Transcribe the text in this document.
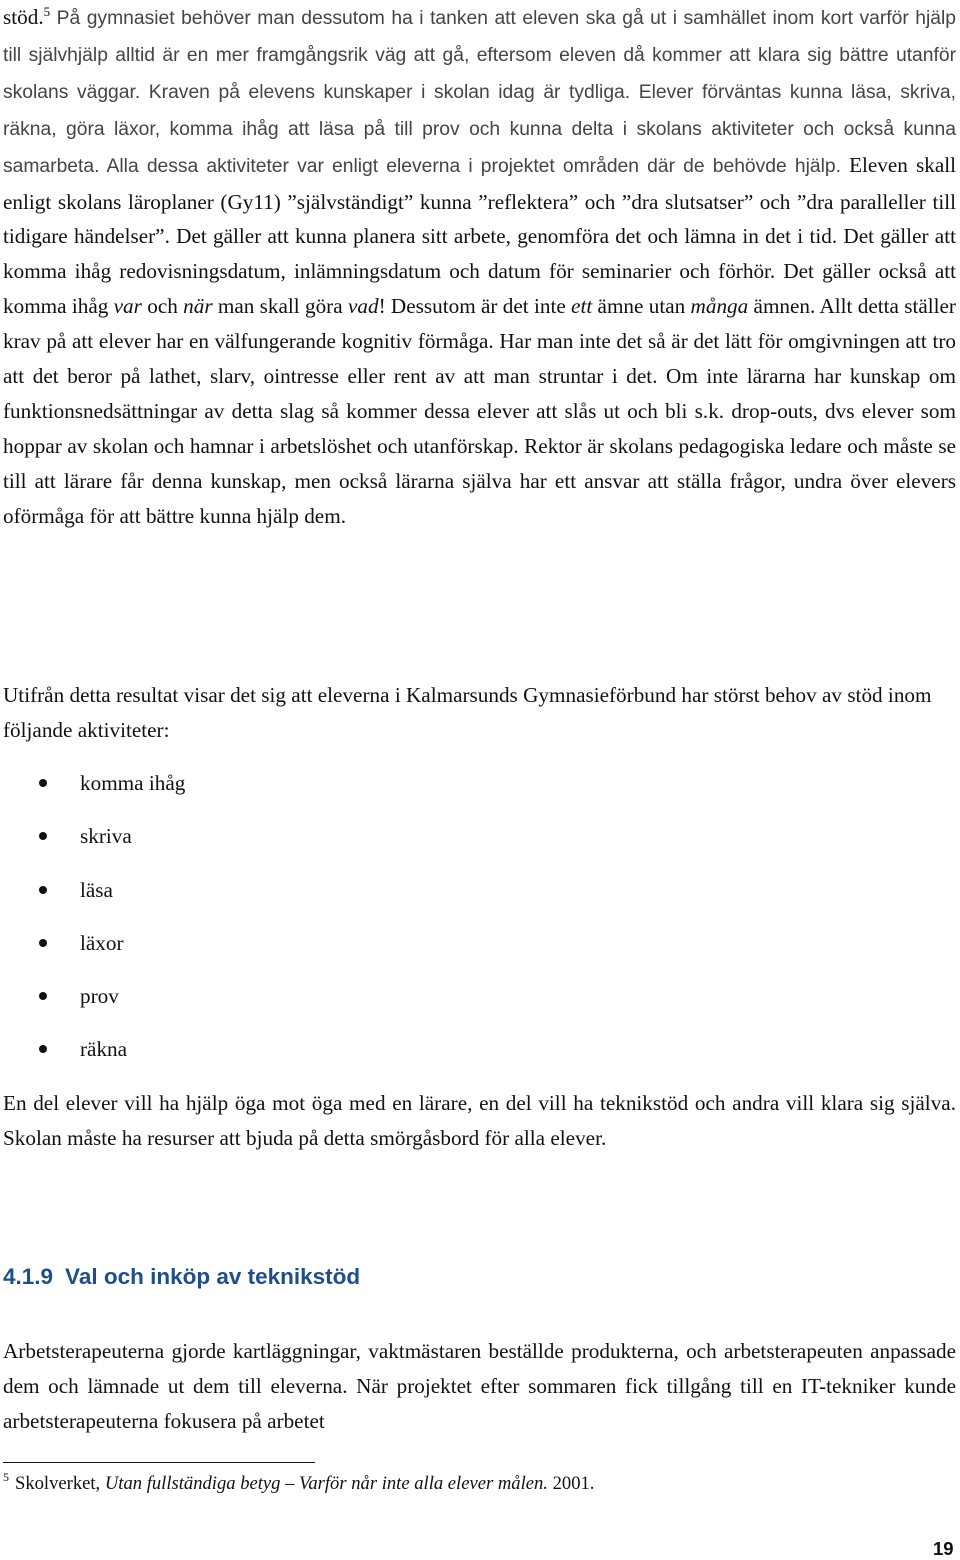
stöd.$^5$ På gymnasiet behöver man dessutom ha i tanken att eleven ska gå ut i samhället inom kort varför hjälp till självhjälp alltid är en mer framgångsrik väg att gå, eftersom eleven då kommer att klara sig bättre utanför skolans väggar. Kraven på elevens kunskaper i skolan idag är tydliga. Elever förväntas kunna läsa, skriva, räkna, göra läxor, komma ihåg att läsa på till prov och kunna delta i skolans aktiviteter och också kunna samarbeta. Alla dessa aktiviteter var enligt eleverna i projektet områden där de behövde hjälp. Eleven skall enligt skolans läroplaner (Gy11) ”självständigt” kunna ”reflektera” och ”dra slutsatser” och ”dra paralleller till tidigare händelser”. Det gäller att kunna planera sitt arbete, genomföra det och lämna in det i tid. Det gäller att komma ihåg redovisningsdatum, inlämningsdatum och datum för seminarier och förhör. Det gäller också att komma ihåg var och när man skall göra vad! Dessutom är det inte ett ämne utan många ämnen. Allt detta ställer krav på att elever har en välfungerande kognitiv förmåga. Har man inte det så är det lätt för omgivningen att tro att det beror på lathet, slarv, ointresse eller rent av att man struntar i det. Om inte lärarna har kunskap om funktionsnedsättningar av detta slag så kommer dessa elever att slås ut och bli s.k. drop-outs, dvs elever som hoppar av skolan och hamnar i arbetslöshet och utanförskap. Rektor är skolans pedagogiska ledare och måste se till att lärare får denna kunskap, men också lärarna själva har ett ansvar att ställa frågor, undra över elevers oförmåga för att bättre kunna hjälp dem.

Utifrån detta resultat visar det sig att eleverna i Kalmarsunds Gymnasieförbund har störst behov av stöd inom följande aktiviteter:

komma ihåg
skriva
läsa
läxor
prov
räkna

En del elever vill ha hjälp öga mot öga med en lärare, en del vill ha teknikstöd och andra vill klara sig själva. Skolan måste ha resurser att bjuda på detta smörgåsbord för alla elever.

4.1.9 Val och inköp av teknikstöd

Arbetsterapeuterna gjorde kartläggningar, vaktmästaren beställde produkterna, och arbetsterapeuten anpassade dem och lämnade ut dem till eleverna. När projektet efter sommaren fick tillgång till en IT-tekniker kunde arbetsterapeuterna fokusera på arbetet

$^5$ Skolverket, Utan fullständiga betyg – Varför når inte alla elever målen. 2001.

19
